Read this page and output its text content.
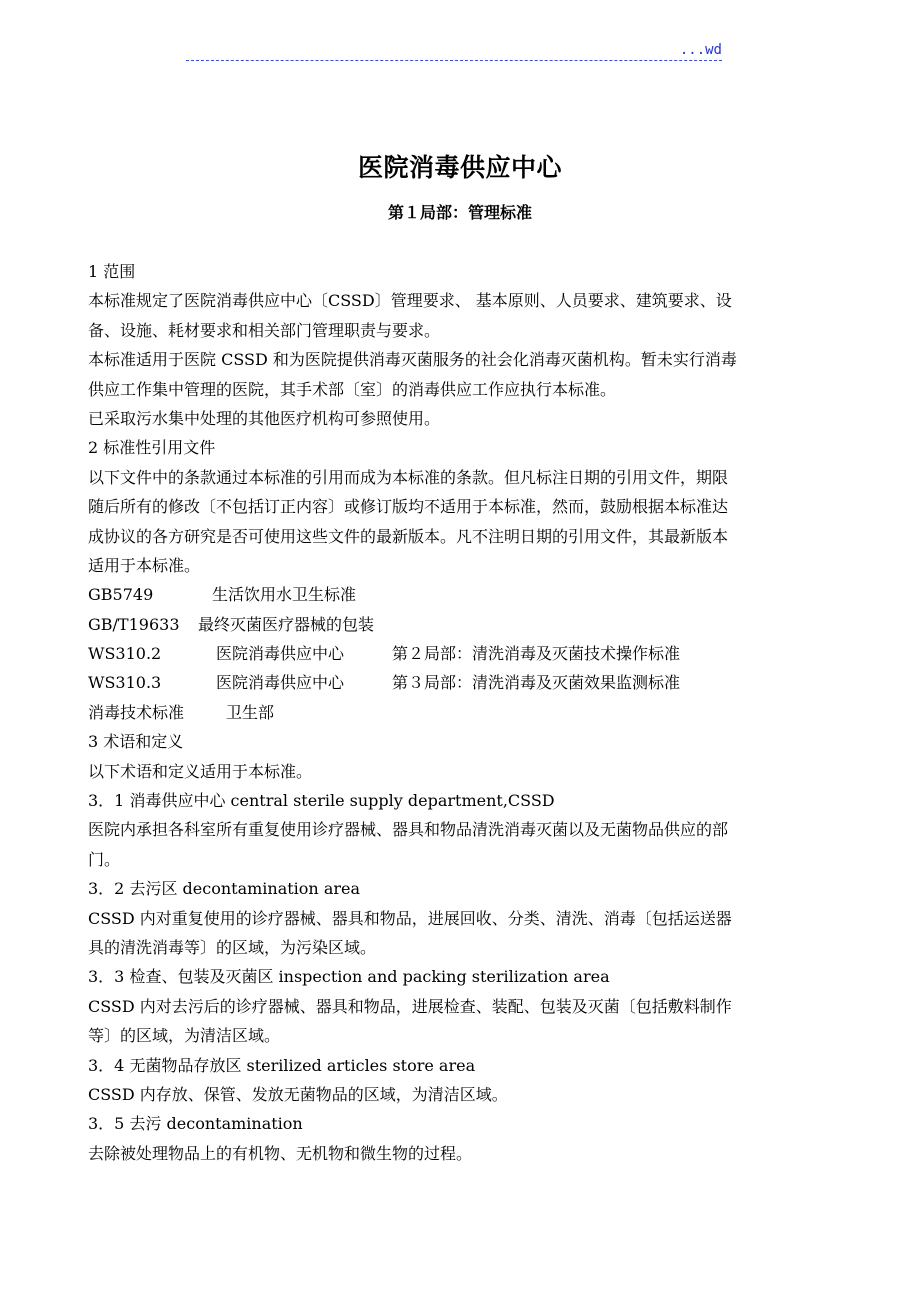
...wd
医院消毒供应中心
第１局部：管理标准
1 范围
本标准规定了医院消毒供应中心〔CSSD〕管理要求、 基本原则、人员要求、建筑要求、设
备、设施、耗材要求和相关部门管理职责与要求。
本标准适用于医院 CSSD 和为医院提供消毒灭菌服务的社会化消毒灭菌机构。暂未实行消毒
供应工作集中管理的医院，其手术部〔室〕的消毒供应工作应执行本标准。
已采取污水集中处理的其他医疗机构可参照使用。
2 标准性引用文件
以下文件中的条款通过本标准的引用而成为本标准的条款。但凡标注日期的引用文件，期限
随后所有的修改〔不包括订正内容〕或修订版均不适用于本标准，然而，鼓励根据本标准达
成协议的各方研究是否可使用这些文件的最新版本。凡不注明日期的引用文件，其最新版本
适用于本标准。
GB5749	生活饮用水卫生标准
GB/T19633 最终灭菌医疗器械的包装
WS310.2	医院消毒供应中心	第２局部：清洗消毒及灭菌技术操作标准
WS310.3	医院消毒供应中心	第３局部：清洗消毒及灭菌效果监测标准
消毒技术标准	卫生部
3 术语和定义
以下术语和定义适用于本标准。
3．1 消毒供应中心 central sterile supply department,CSSD
医院内承担各科室所有重复使用诊疗器械、器具和物品清洗消毒灭菌以及无菌物品供应的部
门。
3．2 去污区 decontamination area
CSSD 内对重复使用的诊疗器械、器具和物品，进展回收、分类、清洗、消毒〔包括运送器
具的清洗消毒等〕的区域，为污染区域。
3．3 检查、包装及灭菌区 inspection and packing sterilization area
CSSD 内对去污后的诊疗器械、器具和物品，进展检查、装配、包装及灭菌〔包括敷料制作
等〕的区域，为清洁区域。
3．4 无菌物品存放区 sterilized articles store area
CSSD 内存放、保管、发放无菌物品的区域，为清洁区域。
3．5 去污 decontamination
去除被处理物品上的有机物、无机物和微生物的过程。
